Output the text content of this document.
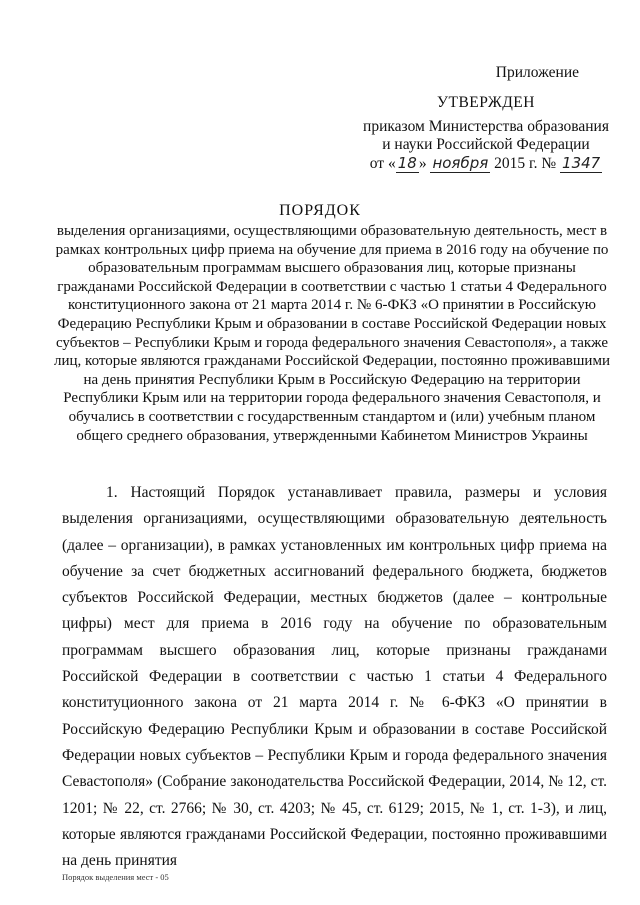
Приложение
УТВЕРЖДЕН
приказом Министерства образования
и науки Российской Федерации
от « 18 » ноября 2015 г. № 1347
ПОРЯДОК
выделения организациями, осуществляющими образовательную деятельность, мест в рамках контрольных цифр приема на обучение для приема в 2016 году на обучение по образовательным программам высшего образования лиц, которые признаны гражданами Российской Федерации в соответствии с частью 1 статьи 4 Федерального конституционного закона от 21 марта 2014 г. № 6-ФКЗ «О принятии в Российскую Федерацию Республики Крым и образовании в составе Российской Федерации новых субъектов – Республики Крым и города федерального значения Севастополя», а также лиц, которые являются гражданами Российской Федерации, постоянно проживавшими на день принятия Республики Крым в Российскую Федерацию на территории Республики Крым или на территории города федерального значения Севастополя, и обучались в соответствии с государственным стандартом и (или) учебным планом общего среднего образования, утвержденными Кабинетом Министров Украины

1. Настоящий Порядок устанавливает правила, размеры и условия выделения организациями, осуществляющими образовательную деятельность (далее – организации), в рамках установленных им контрольных цифр приема на обучение за счет бюджетных ассигнований федерального бюджета, бюджетов субъектов Российской Федерации, местных бюджетов (далее – контрольные цифры) мест для приема в 2016 году на обучение по образовательным программам высшего образования лиц, которые признаны гражданами Российской Федерации в соответствии с частью 1 статьи 4 Федерального конституционного закона от 21 марта 2014 г. № 6-ФКЗ «О принятии в Российскую Федерацию Республики Крым и образовании в составе Российской Федерации новых субъектов – Республики Крым и города федерального значения Севастополя» (Собрание законодательства Российской Федерации, 2014, № 12, ст. 1201; № 22, ст. 2766; № 30, ст. 4203; № 45, ст. 6129; 2015, № 1, ст. 1-3), и лиц, которые являются гражданами Российской Федерации, постоянно проживавшими на день принятия

Порядок выделения мест - 05
